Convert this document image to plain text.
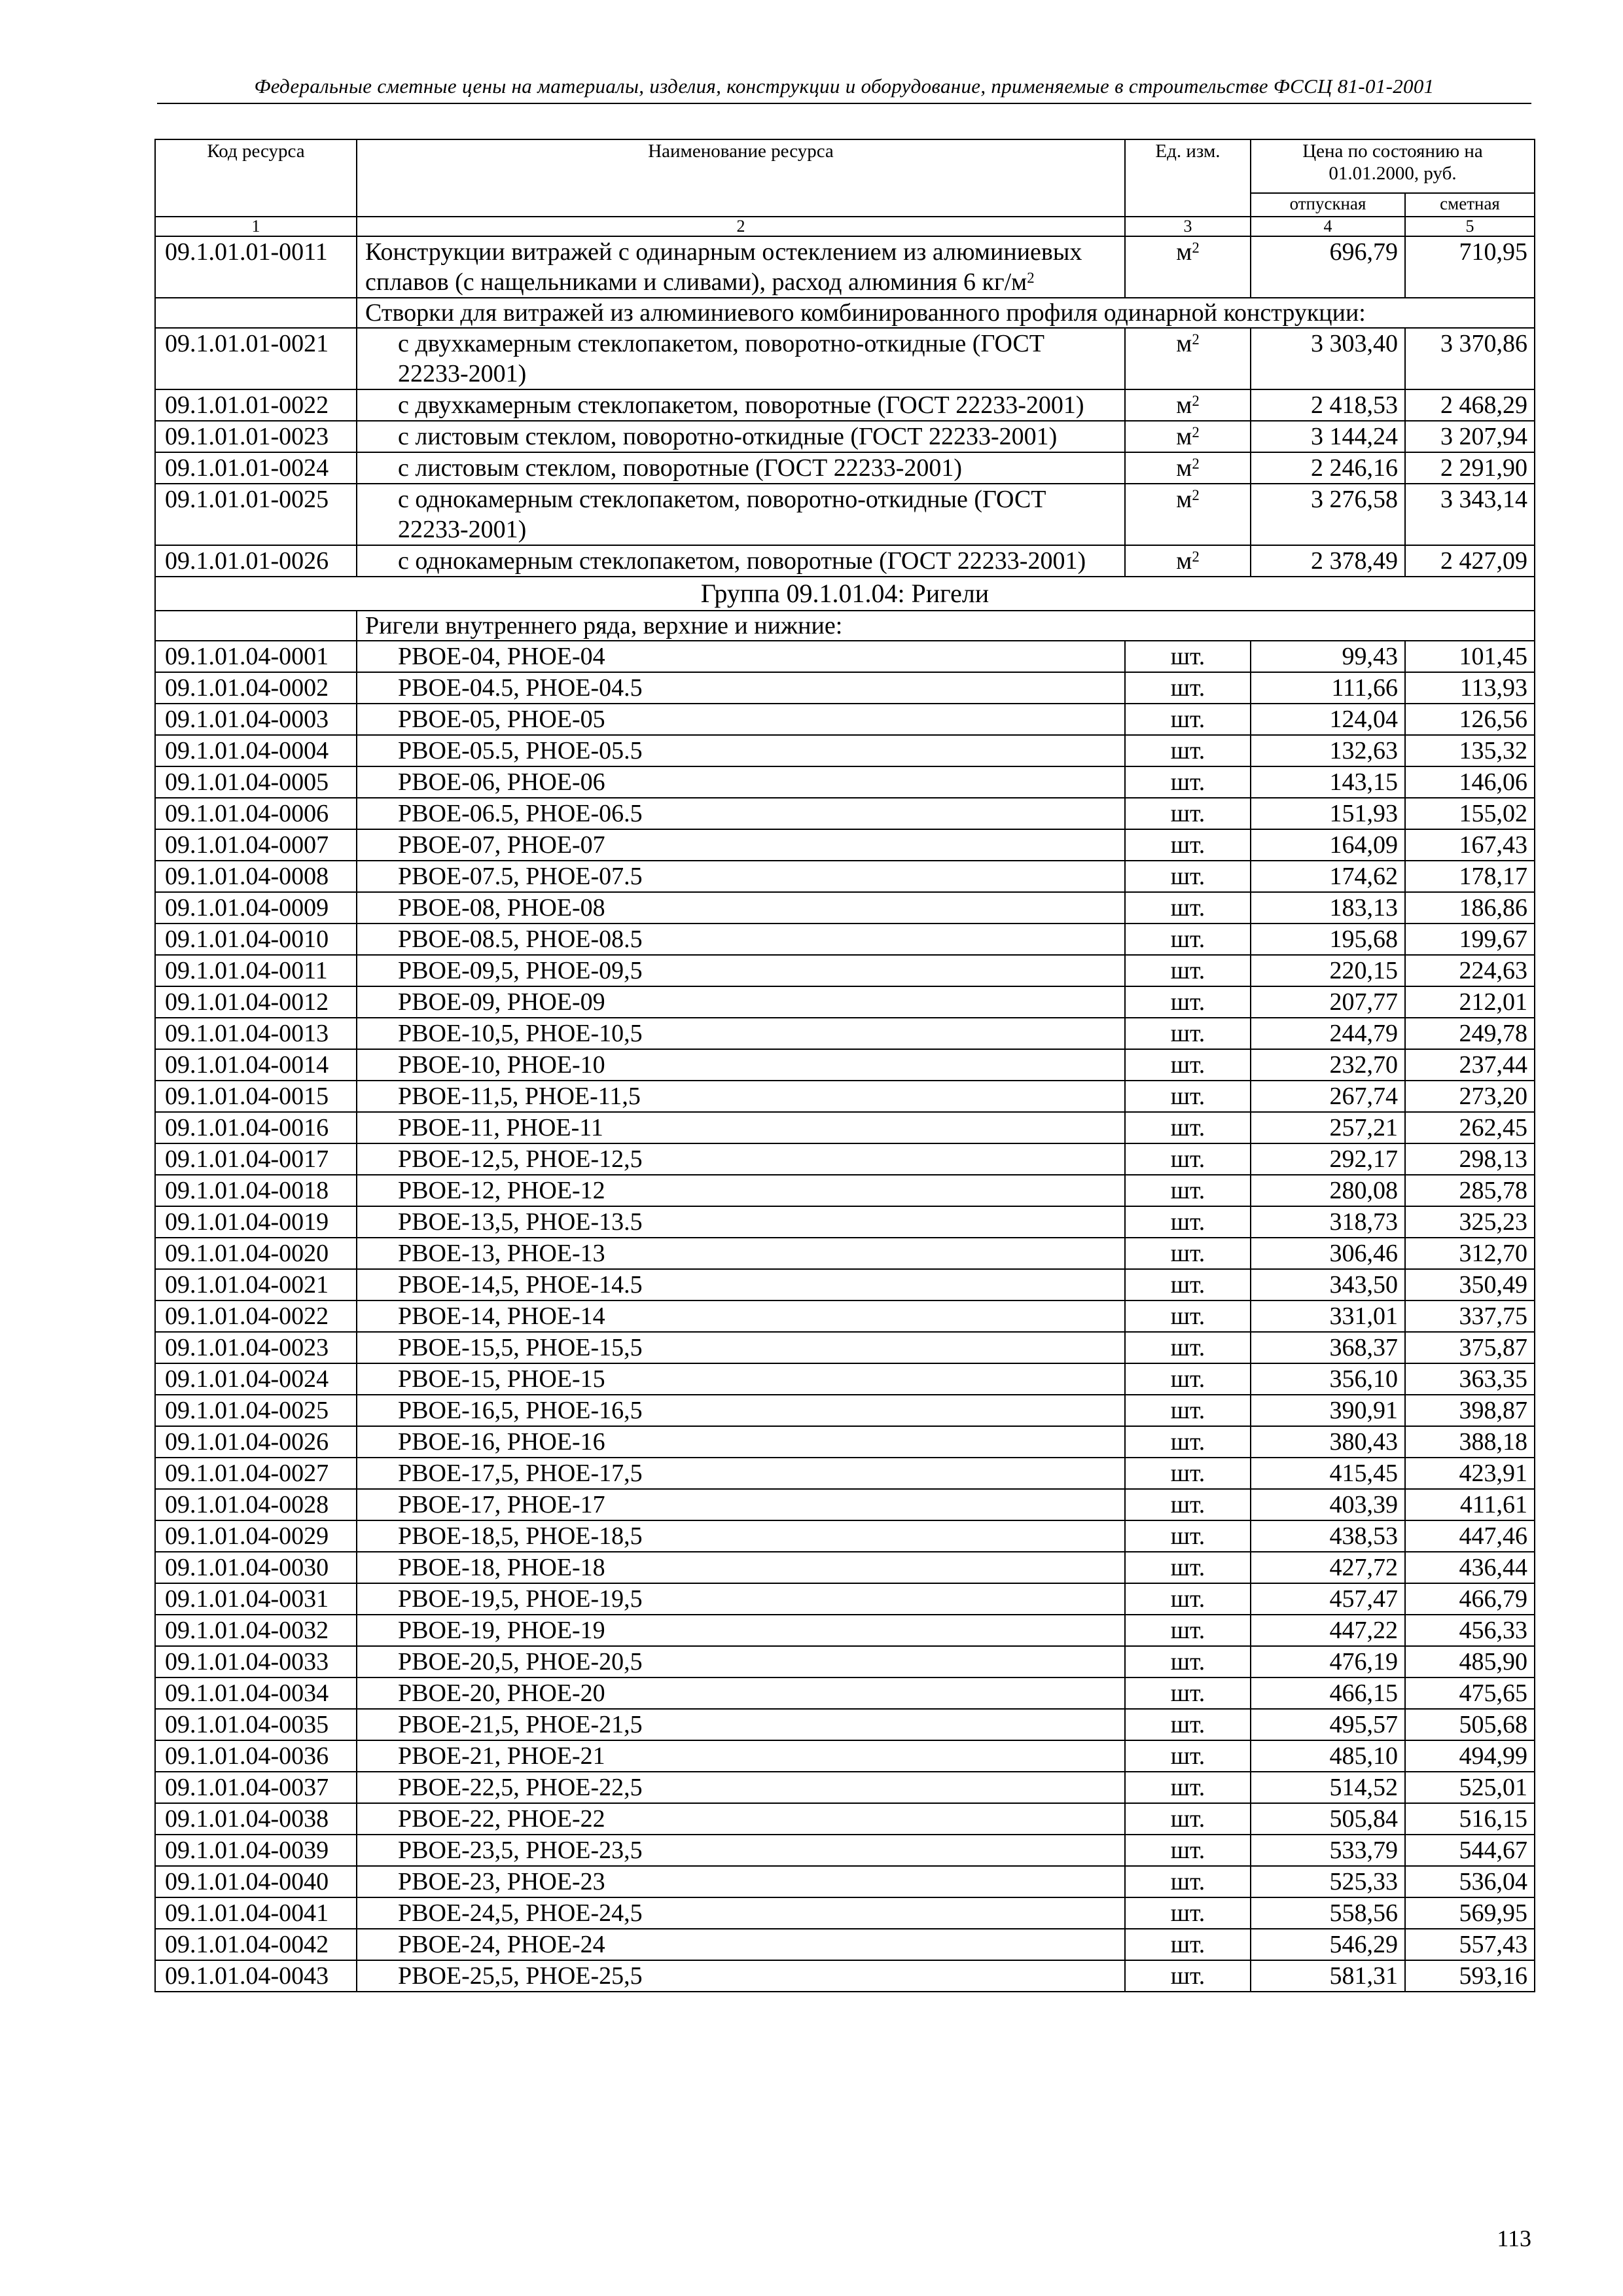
Федеральные сметные цены на материалы, изделия, конструкции и оборудование, применяемые в строительстве ФССЦ 81-01-2001
Код ресурса	Наименование ресурса	Ед. изм.	Цена по состоянию на 01.01.2000, руб.	
			отпускная	сметная
1	2	3	4	5
09.1.01.01-0011	Конструкции витражей с одинарным остеклением из алюминиевых сплавов (с нащельниками и сливами), расход алюминия 6 $кг/м^2$	$м^2$	696,79	710,95
	Створки для витражей из алюминиевого комбинированного профиля одинарной конструкции:			
09.1.01.01-0021	с двухкамерным стеклопакетом, поворотно-откидные (ГОСТ 22233-2001)	$м^2$	3 303,40	3 370,86
09.1.01.01-0022	с двухкамерным стеклопакетом, поворотные (ГОСТ 22233-2001)	$м^2$	2 418,53	2 468,29
09.1.01.01-0023	с листовым стеклом, поворотно-откидные (ГОСТ 22233-2001)	$м^2$	3 144,24	3 207,94
09.1.01.01-0024	с листовым стеклом, поворотные (ГОСТ 22233-2001)	$м^2$	2 246,16	2 291,90
09.1.01.01-0025	с однокамерным стеклопакетом, поворотно-откидные (ГОСТ 22233-2001)	$м^2$	3 276,58	3 343,14
09.1.01.01-0026	с однокамерным стеклопакетом, поворотные (ГОСТ 22233-2001)	$м^2$	2 378,49	2 427,09
Группа 09.1.01.04: Ригели				
	Ригели внутреннего ряда, верхние и нижние:			
09.1.01.04-0001	РВОЕ-04, РНОЕ-04	шт.	99,43	101,45
09.1.01.04-0002	РВОЕ-04.5, РНОЕ-04.5	шт.	111,66	113,93
09.1.01.04-0003	РВОЕ-05, РНОЕ-05	шт.	124,04	126,56
09.1.01.04-0004	РВОЕ-05.5, РНОЕ-05.5	шт.	132,63	135,32
09.1.01.04-0005	РВОЕ-06, РНОЕ-06	шт.	143,15	146,06
09.1.01.04-0006	РВОЕ-06.5, РНОЕ-06.5	шт.	151,93	155,02
09.1.01.04-0007	РВОЕ-07, РНОЕ-07	шт.	164,09	167,43
09.1.01.04-0008	РВОЕ-07.5, РНОЕ-07.5	шт.	174,62	178,17
09.1.01.04-0009	РВОЕ-08, РНОЕ-08	шт.	183,13	186,86
09.1.01.04-0010	РВОЕ-08.5, РНОЕ-08.5	шт.	195,68	199,67
09.1.01.04-0011	РВОЕ-09,5, РНОЕ-09,5	шт.	220,15	224,63
09.1.01.04-0012	РВОЕ-09, РНОЕ-09	шт.	207,77	212,01
09.1.01.04-0013	РВОЕ-10,5, РНОЕ-10,5	шт.	244,79	249,78
09.1.01.04-0014	РВОЕ-10, РНОЕ-10	шт.	232,70	237,44
09.1.01.04-0015	РВОЕ-11,5, РНОЕ-11,5	шт.	267,74	273,20
09.1.01.04-0016	РВОЕ-11, РНОЕ-11	шт.	257,21	262,45
09.1.01.04-0017	РВОЕ-12,5, РНОЕ-12,5	шт.	292,17	298,13
09.1.01.04-0018	РВОЕ-12, РНОЕ-12	шт.	280,08	285,78
09.1.01.04-0019	РВОЕ-13,5, РНОЕ-13.5	шт.	318,73	325,23
09.1.01.04-0020	РВОЕ-13, РНОЕ-13	шт.	306,46	312,70
09.1.01.04-0021	РВОЕ-14,5, РНОЕ-14.5	шт.	343,50	350,49
09.1.01.04-0022	РВОЕ-14, РНОЕ-14	шт.	331,01	337,75
09.1.01.04-0023	РВОЕ-15,5, РНОЕ-15,5	шт.	368,37	375,87
09.1.01.04-0024	РВОЕ-15, РНОЕ-15	шт.	356,10	363,35
09.1.01.04-0025	РВОЕ-16,5, РНОЕ-16,5	шт.	390,91	398,87
09.1.01.04-0026	РВОЕ-16, РНОЕ-16	шт.	380,43	388,18
09.1.01.04-0027	РВОЕ-17,5, РНОЕ-17,5	шт.	415,45	423,91
09.1.01.04-0028	РВОЕ-17, РНОЕ-17	шт.	403,39	411,61
09.1.01.04-0029	РВОЕ-18,5, РНОЕ-18,5	шт.	438,53	447,46
09.1.01.04-0030	РВОЕ-18, РНОЕ-18	шт.	427,72	436,44
09.1.01.04-0031	РВОЕ-19,5, РНОЕ-19,5	шт.	457,47	466,79
09.1.01.04-0032	РВОЕ-19, РНОЕ-19	шт.	447,22	456,33
09.1.01.04-0033	РВОЕ-20,5, РНОЕ-20,5	шт.	476,19	485,90
09.1.01.04-0034	РВОЕ-20, РНОЕ-20	шт.	466,15	475,65
09.1.01.04-0035	РВОЕ-21,5, РНОЕ-21,5	шт.	495,57	505,68
09.1.01.04-0036	РВОЕ-21, РНОЕ-21	шт.	485,10	494,99
09.1.01.04-0037	РВОЕ-22,5, РНОЕ-22,5	шт.	514,52	525,01
09.1.01.04-0038	РВОЕ-22, РНОЕ-22	шт.	505,84	516,15
09.1.01.04-0039	РВОЕ-23,5, РНОЕ-23,5	шт.	533,79	544,67
09.1.01.04-0040	РВОЕ-23, РНОЕ-23	шт.	525,33	536,04
09.1.01.04-0041	РВОЕ-24,5, РНОЕ-24,5	шт.	558,56	569,95
09.1.01.04-0042	РВОЕ-24, РНОЕ-24	шт.	546,29	557,43
09.1.01.04-0043	РВОЕ-25,5, РНОЕ-25,5	шт.	581,31	593,16
113
